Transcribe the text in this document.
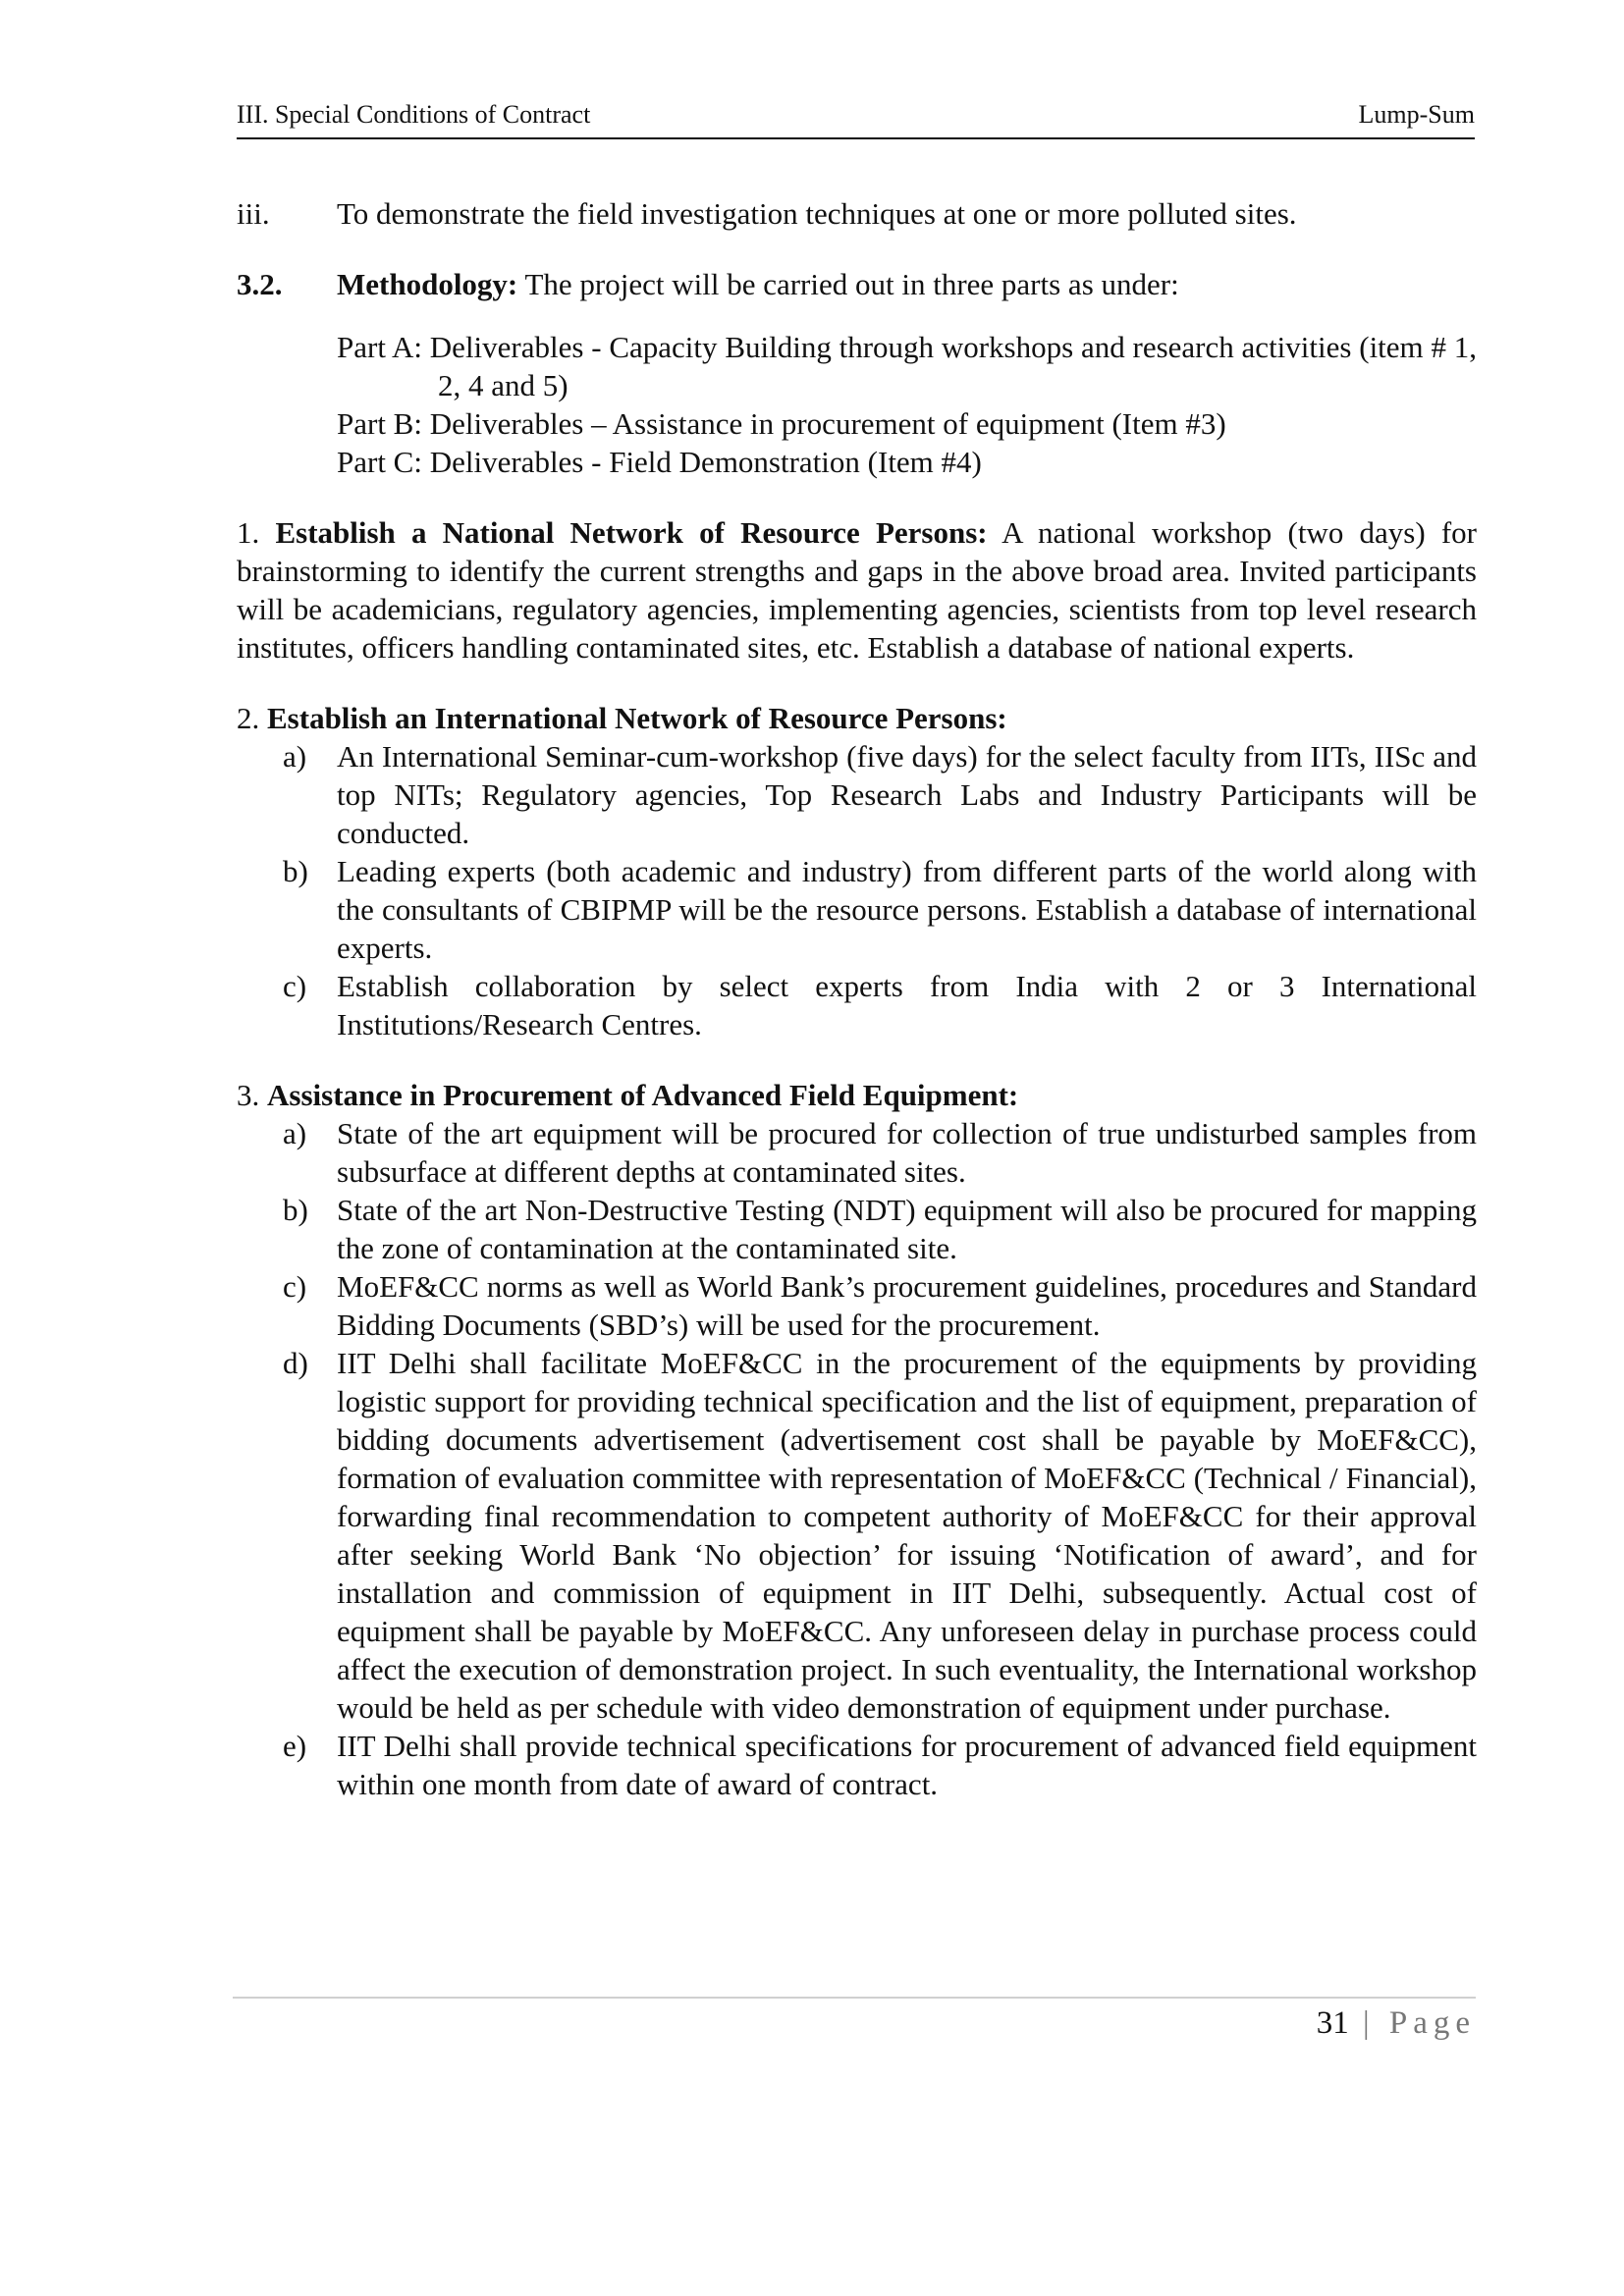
III. Special Conditions of Contract	Lump-Sum
iii.	To demonstrate the field investigation techniques at one or more polluted sites.
3.2.	Methodology: The project will be carried out in three parts as under:

Part A: Deliverables - Capacity Building through workshops and research activities (item # 1, 2, 4 and 5)

Part B: Deliverables – Assistance in procurement of equipment (Item #3)

Part C: Deliverables - Field Demonstration (Item #4)

1. Establish a National Network of Resource Persons: A national workshop (two days) for brainstorming to identify the current strengths and gaps in the above broad area. Invited participants will be academicians, regulatory agencies, implementing agencies, scientists from top level research institutes, officers handling contaminated sites, etc. Establish a database of national experts.

2. Establish an International Network of Resource Persons:

a) An International Seminar-cum-workshop (five days) for the select faculty from IITs, IISc and top NITs; Regulatory agencies, Top Research Labs and Industry Participants will be conducted.
b) Leading experts (both academic and industry) from different parts of the world along with the consultants of CBIPMP will be the resource persons. Establish a database of international experts.
c) Establish collaboration by select experts from India with 2 or 3 International Institutions/Research Centres.

3. Assistance in Procurement of Advanced Field Equipment:

a) State of the art equipment will be procured for collection of true undisturbed samples from subsurface at different depths at contaminated sites.
b) State of the art Non-Destructive Testing (NDT) equipment will also be procured for mapping the zone of contamination at the contaminated site.
c) MoEF&CC norms as well as World Bank’s procurement guidelines, procedures and Standard Bidding Documents (SBD’s) will be used for the procurement.
d) IIT Delhi shall facilitate MoEF&CC in the procurement of the equipments by providing logistic support for providing technical specification and the list of equipment, preparation of bidding documents advertisement (advertisement cost shall be payable by MoEF&CC), formation of evaluation committee with representation of MoEF&CC (Technical / Financial), forwarding final recommendation to competent authority of MoEF&CC for their approval after seeking World Bank ‘No objection’ for issuing ‘Notification of award’, and for installation and commission of equipment in IIT Delhi, subsequently. Actual cost of equipment shall be payable by MoEF&CC. Any unforeseen delay in purchase process could affect the execution of demonstration project. In such eventuality, the International workshop would be held as per schedule with video demonstration of equipment under purchase.
e) IIT Delhi shall provide technical specifications for procurement of advanced field equipment within one month from date of award of contract.
31 | Page
